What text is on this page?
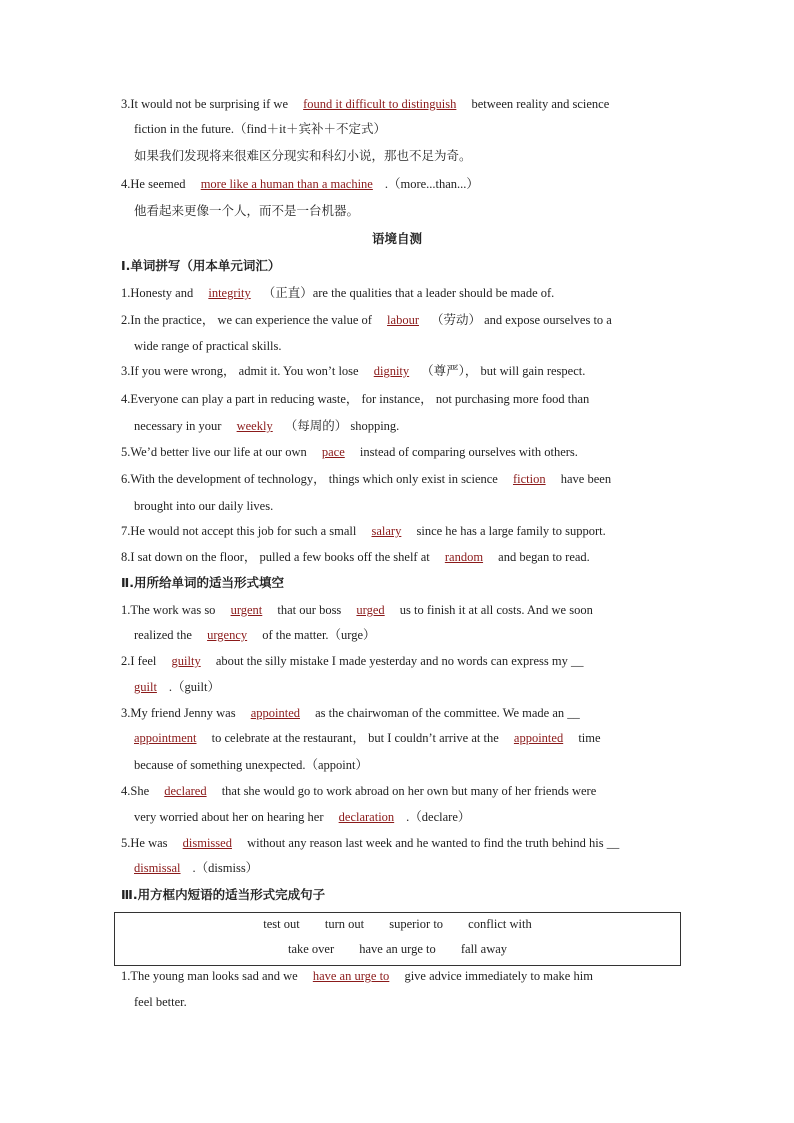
3.It would not be surprising if we found it difficult to distinguish between reality and science
fiction in the future.（find＋it＋宾补＋不定式）
如果我们发现将来很难区分现实和科幻小说，那也不足为奇。
4.He seemed more like a human than a machine .（more...than...）
他看起来更像一个人，而不是一台机器。
语境自测
Ⅰ.单词拼写（用本单元词汇）
1.Honesty and integrity （正直）are the qualities that a leader should be made of.
2.In the practice， we can experience the value of labour （劳动） and expose ourselves to a
wide range of practical skills.
3.If you were wrong， admit it. You won’t lose dignity （尊严）， but will gain respect.
4.Everyone can play a part in reducing waste， for instance， not purchasing more food than
necessary in your weekly （每周的） shopping.
5.We’d better live our life at our own pace instead of comparing ourselves with others.
6.With the development of technology， things which only exist in science fiction have been
brought into our daily lives.
7.He would not accept this job for such a small salary since he has a large family to support.
8.I sat down on the floor， pulled a few books off the shelf at random and began to read.
Ⅱ.用所给单词的适当形式填空
1.The work was so urgent that our boss urged us to finish it at all costs. And we soon
realized the urgency of the matter.（urge）
2.I feel guilty about the silly mistake I made yesterday and no words can express my __
guilt .（guilt）
3.My friend Jenny was appointed as the chairwoman of the committee. We made an __
appointment to celebrate at the restaurant， but I couldn’t arrive at the appointed time
because of something unexpected.（appoint）
4.She declared that she would go to work abroad on her own but many of her friends were
very worried about her on hearing her declaration .（declare）
5.He was dismissed without any reason last week and he wanted to find the truth behind his __
dismissal .（dismiss）
Ⅲ.用方框内短语的适当形式完成句子
test out turn out superior to conflict with
take over have an urge to fall away
1.The young man looks sad and we have an urge to give advice immediately to make him
feel better.
